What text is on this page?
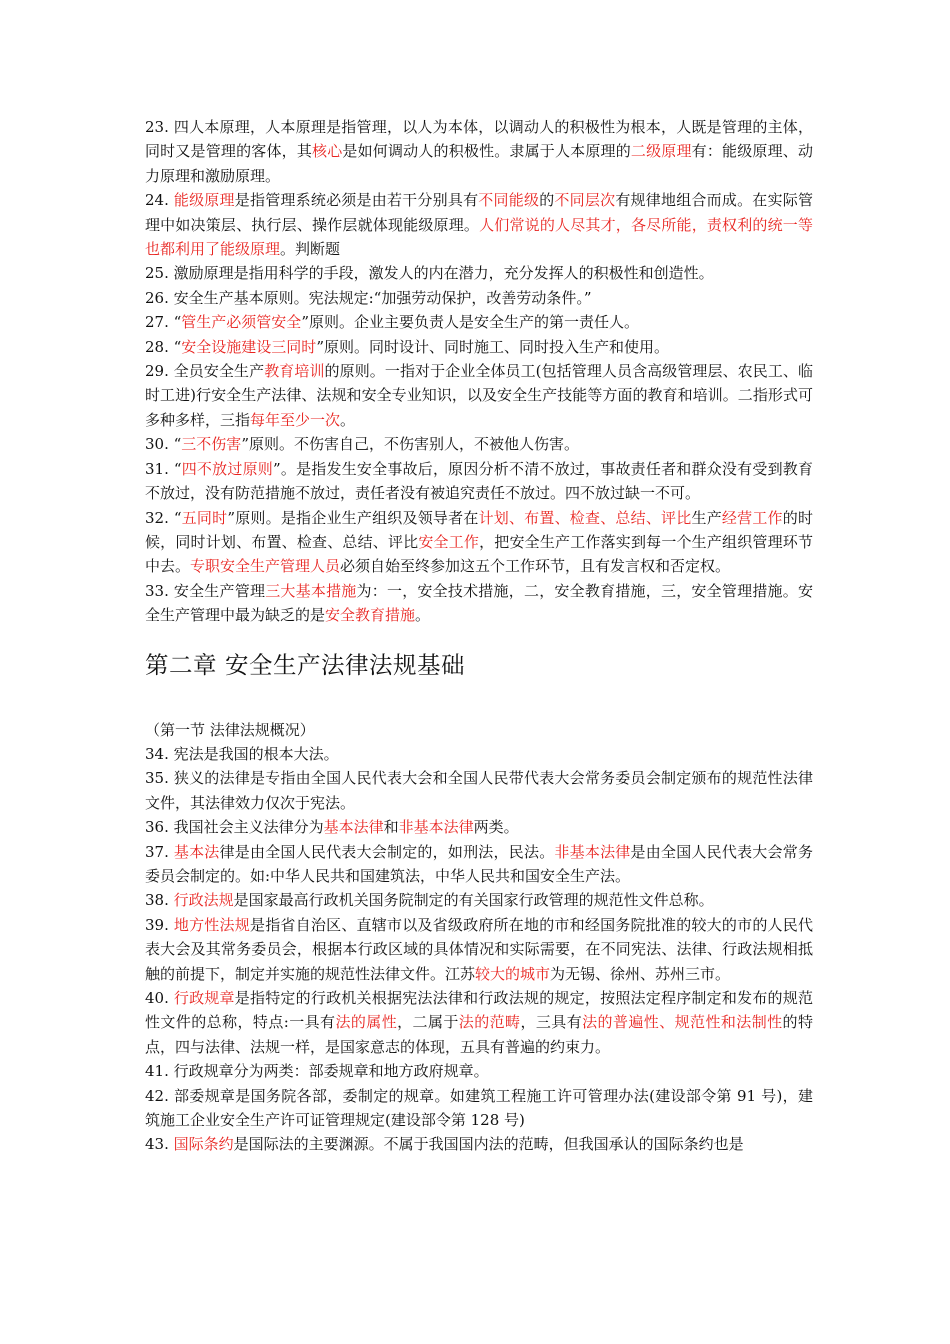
23. 四人本原理，人本原理是指管理，以人为本体，以调动人的积极性为根本，人既是管理的主体，同时又是管理的客体，其核心是如何调动人的积极性。隶属于人本原理的二级原理有：能级原理、动力原理和激励原理。

24. 能级原理是指管理系统必须是由若干分别具有不同能级的不同层次有规律地组合而成。在实际管理中如决策层、执行层、操作层就体现能级原理。人们常说的人尽其才，各尽所能，责权利的统一等也都利用了能级原理。判断题

25. 激励原理是指用科学的手段，激发人的内在潜力，充分发挥人的积极性和创造性。

26. 安全生产基本原则。宪法规定:“加强劳动保护，改善劳动条件。”

27. “管生产必须管安全”原则。企业主要负责人是安全生产的第一责任人。

28. “安全设施建设三同时”原则。同时设计、同时施工、同时投入生产和使用。

29. 全员安全生产教育培训的原则。一指对于企业全体员工(包括管理人员含高级管理层、农民工、临时工进)行安全生产法律、法规和安全专业知识，以及安全生产技能等方面的教育和培训。二指形式可多种多样，三指每年至少一次。

30. “三不伤害”原则。不伤害自己，不伤害别人，不被他人伤害。

31. “四不放过原则”。是指发生安全事故后，原因分析不清不放过，事故责任者和群众没有受到教育不放过，没有防范措施不放过，责任者没有被追究责任不放过。四不放过缺一不可。

32. “五同时”原则。是指企业生产组织及领导者在计划、布置、检查、总结、评比生产经营工作的时候，同时计划、布置、检查、总结、评比安全工作，把安全生产工作落实到每一个生产组织管理环节中去。专职安全生产管理人员必须自始至终参加这五个工作环节，且有发言权和否定权。

33. 安全生产管理三大基本措施为：一，安全技术措施，二，安全教育措施，三，安全管理措施。安全生产管理中最为缺乏的是安全教育措施。

第二章 安全生产法律法规基础

（第一节 法律法规概况）

34. 宪法是我国的根本大法。

35. 狭义的法律是专指由全国人民代表大会和全国人民带代表大会常务委员会制定颁布的规范性法律文件，其法律效力仅次于宪法。

36. 我国社会主义法律分为基本法律和非基本法律两类。

37. 基本法律是由全国人民代表大会制定的，如刑法，民法。非基本法律是由全国人民代表大会常务委员会制定的。如:中华人民共和国建筑法，中华人民共和国安全生产法。

38. 行政法规是国家最高行政机关国务院制定的有关国家行政管理的规范性文件总称。

39. 地方性法规是指省自治区、直辖市以及省级政府所在地的市和经国务院批准的较大的市的人民代表大会及其常务委员会，根据本行政区域的具体情况和实际需要，在不同宪法、法律、行政法规相抵触的前提下，制定并实施的规范性法律文件。江苏较大的城市为无锡、徐州、苏州三市。

40. 行政规章是指特定的行政机关根据宪法法律和行政法规的规定，按照法定程序制定和发布的规范性文件的总称，特点:一具有法的属性，二属于法的范畴，三具有法的普遍性、规范性和法制性的特点，四与法律、法规一样，是国家意志的体现，五具有普遍的约束力。

41. 行政规章分为两类：部委规章和地方政府规章。

42. 部委规章是国务院各部，委制定的规章。如建筑工程施工许可管理办法(建设部令第 91 号)，建筑施工企业安全生产许可证管理规定(建设部令第 128 号)

43. 国际条约是国际法的主要渊源。不属于我国国内法的范畴，但我国承认的国际条约也是
